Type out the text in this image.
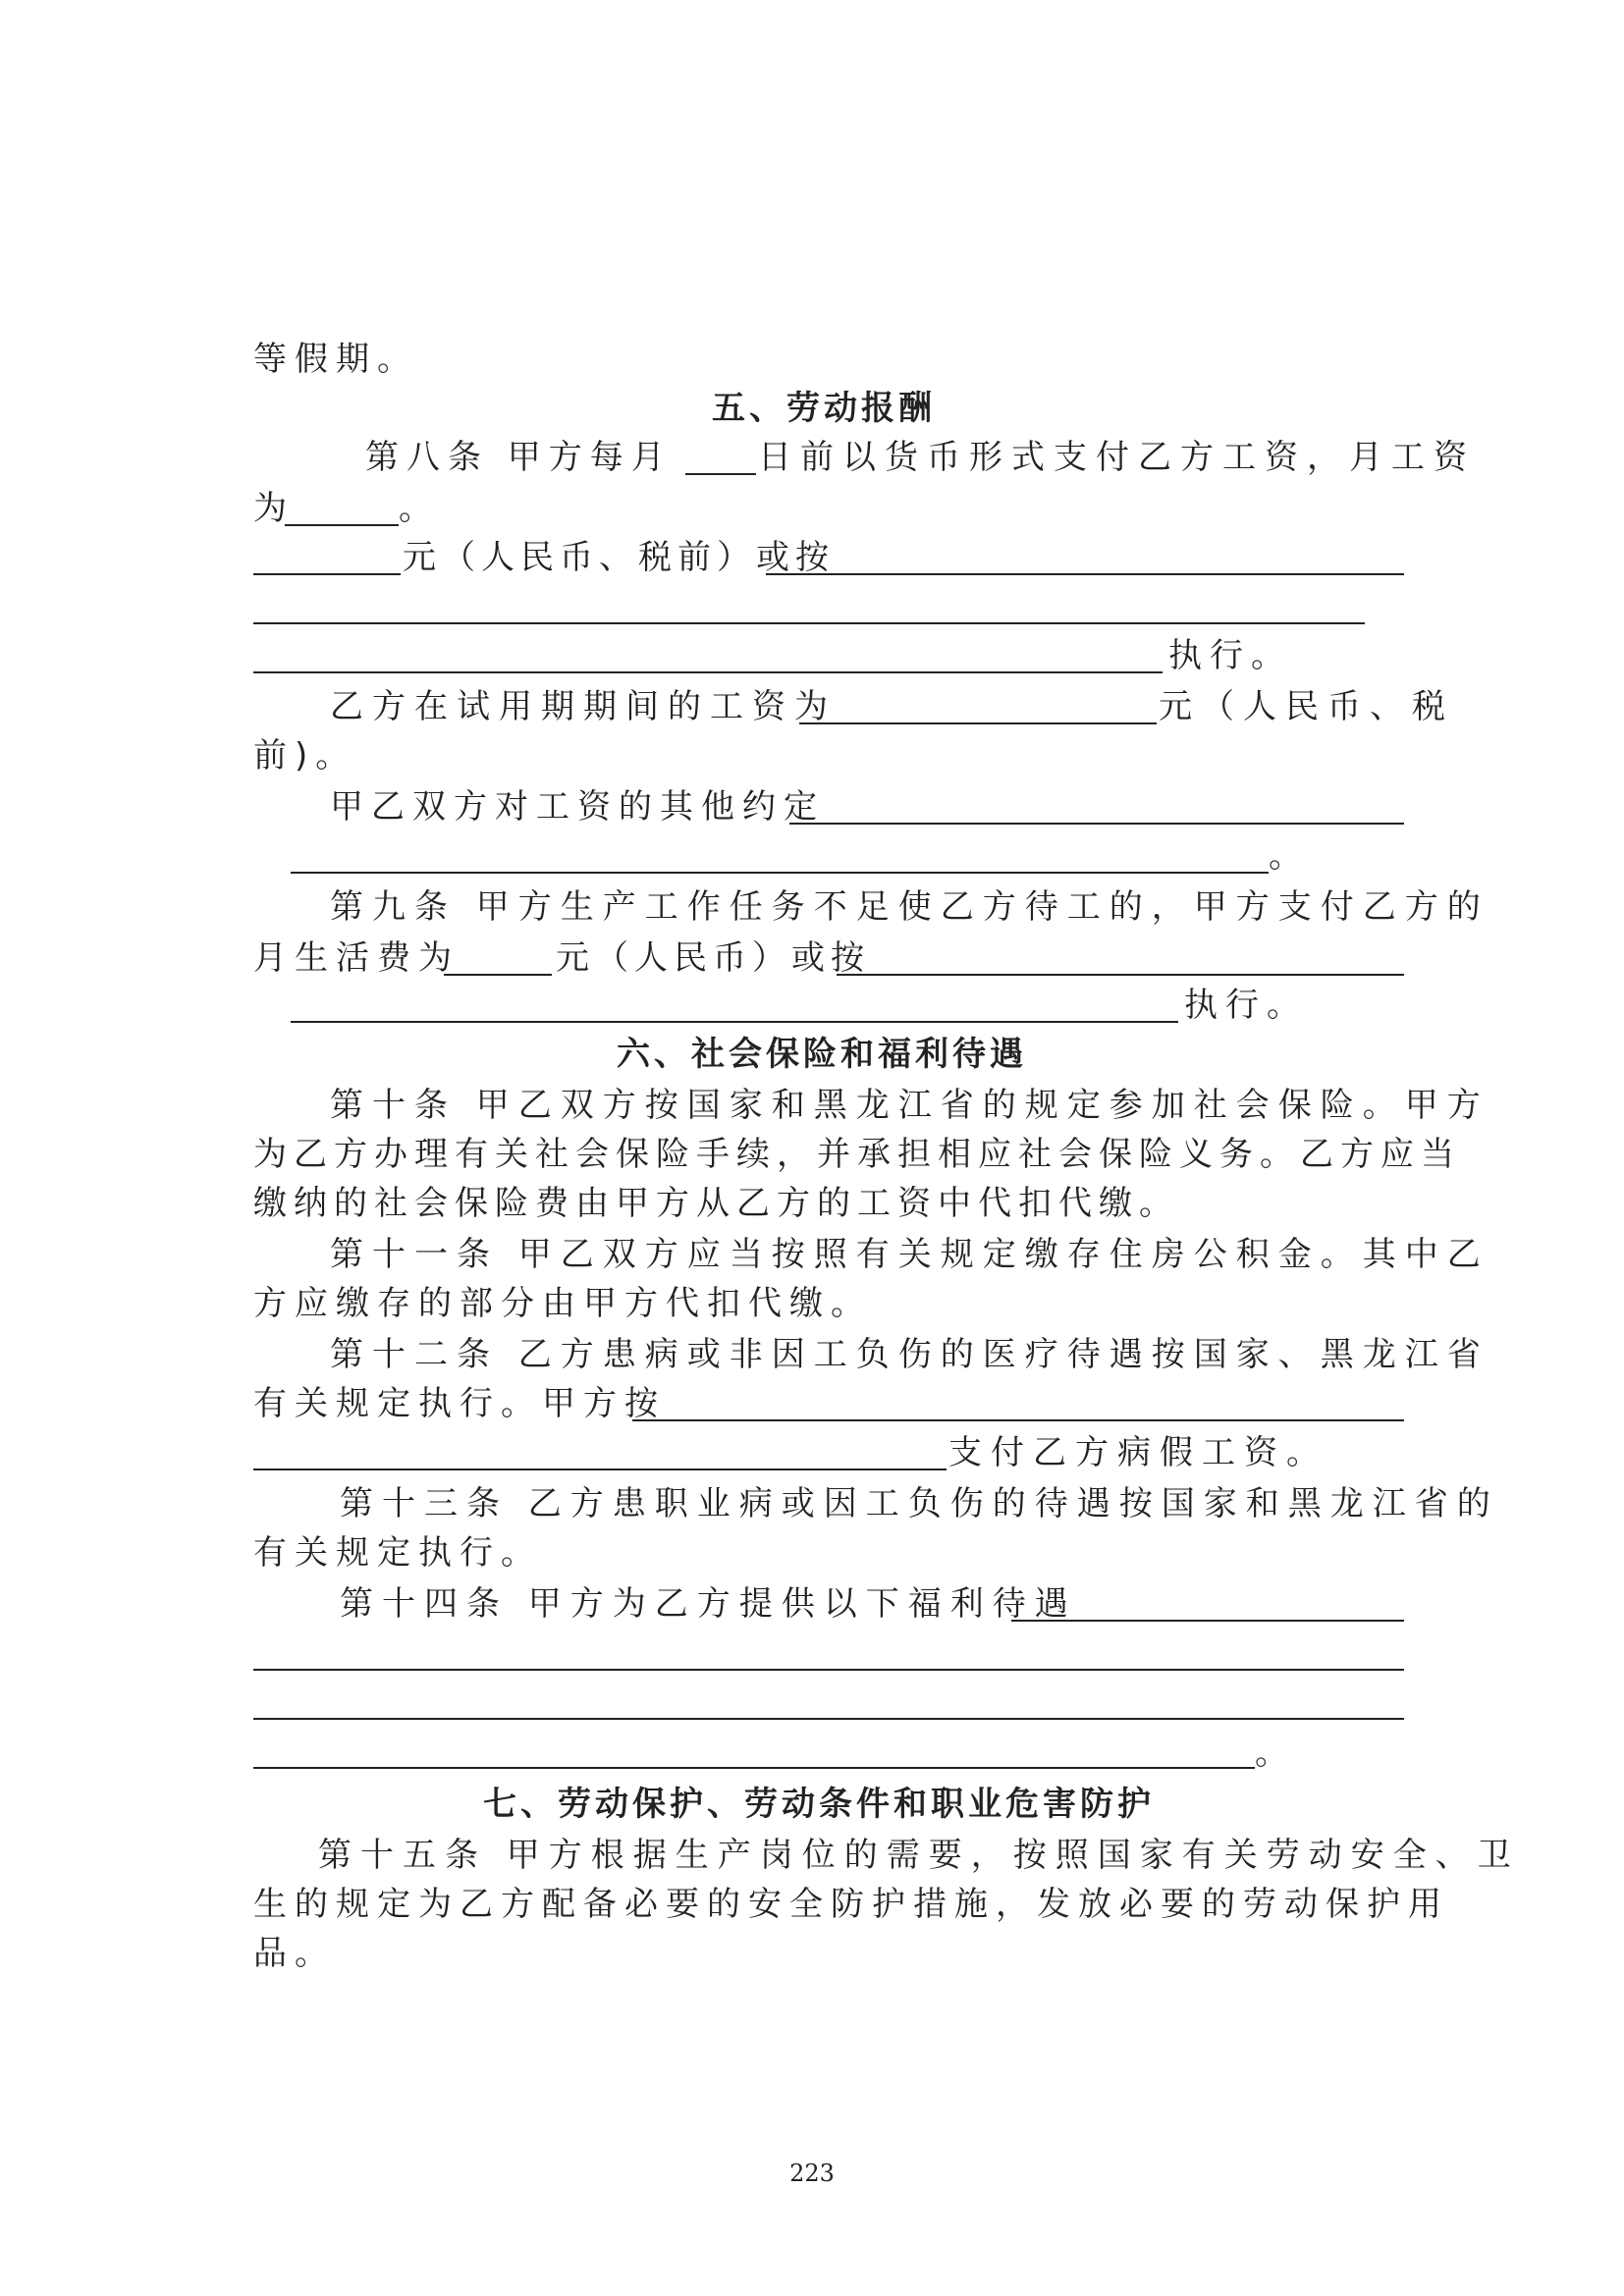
等假期。
五、劳动报酬
第八条 甲方每月	日前以货币形式支付乙方工资，月工资
为	。
元（人民币、税前）或按
执行。
乙方在试用期期间的工资为	元（人民币、税
前)。
甲乙双方对工资的其他约定
。
第九条 甲方生产工作任务不足使乙方待工的，甲方支付乙方的
月生活费为	元（人民币）或按
执行。
六、社会保险和福利待遇
第十条 甲乙双方按国家和黑龙江省的规定参加社会保险。甲方
为乙方办理有关社会保险手续，并承担相应社会保险义务。乙方应当
缴纳的社会保险费由甲方从乙方的工资中代扣代缴。
第十一条 甲乙双方应当按照有关规定缴存住房公积金。其中乙
方应缴存的部分由甲方代扣代缴。
第十二条 乙方患病或非因工负伤的医疗待遇按国家、黑龙江省
有关规定执行。甲方按
支付乙方病假工资。
第十三条 乙方患职业病或因工负伤的待遇按国家和黑龙江省的
有关规定执行。
第十四条 甲方为乙方提供以下福利待遇
。
七、劳动保护、劳动条件和职业危害防护
第十五条 甲方根据生产岗位的需要，按照国家有关劳动安全、卫
生的规定为乙方配备必要的安全防护措施，发放必要的劳动保护用
品。
223
